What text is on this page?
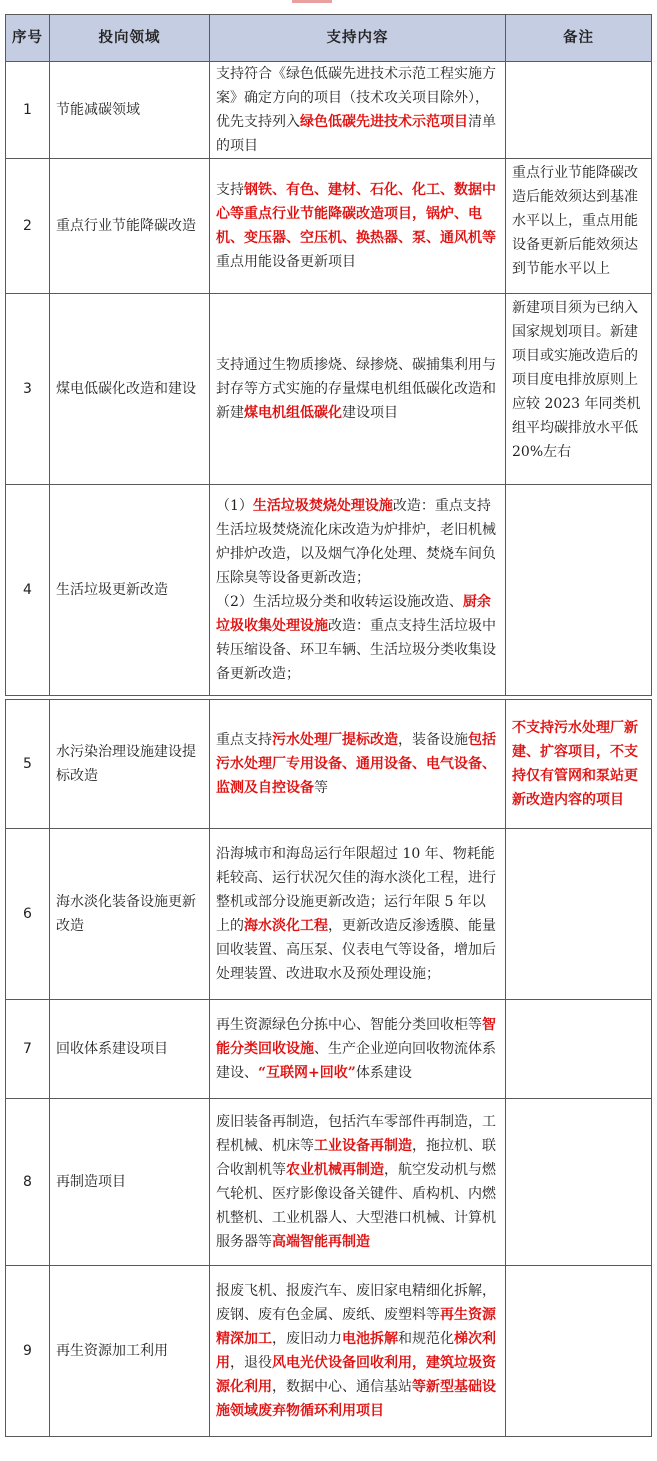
序号	投向领域	支持内容	备注
1	节能减碳领域	支持符合《绿色低碳先进技术示范工程实施方案》确定方向的项目（技术攻关项目除外），优先支持列入绿色低碳先进技术示范项目清单的项目	
2	重点行业节能降碳改造	支持钢铁、有色、建材、石化、化工、数据中心等重点行业节能降碳改造项目，锅炉、电机、变压器、空压机、换热器、泵、通风机等重点用能设备更新项目	重点行业节能降碳改造后能效须达到基准水平以上，重点用能设备更新后能效须达到节能水平以上
3	煤电低碳化改造和建设	支持通过生物质掺烧、绿掺烧、碳捕集利用与封存等方式实施的存量煤电机组低碳化改造和新建煤电机组低碳化建设项目	新建项目须为已纳入国家规划项目。新建项目或实施改造后的项目度电排放原则上应较 2023 年同类机组平均碳排放水平低 20%左右
4	生活垃圾更新改造	（1）生活垃圾焚烧处理设施改造：重点支持生活垃圾焚烧流化床改造为炉排炉，老旧机械炉排炉改造，以及烟气净化处理、焚烧车间负压除臭等设备更新改造；
（2）生活垃圾分类和收转运设施改造、厨余垃圾收集处理设施改造：重点支持生活垃圾中转压缩设备、环卫车辆、生活垃圾分类收集设备更新改造；	

5	水污染治理设施建设提标改造	重点支持污水处理厂提标改造，装备设施包括污水处理厂专用设备、通用设备、电气设备、监测及自控设备等	不支持污水处理厂新建、扩容项目，不支持仅有管网和泵站更新改造内容的项目
6	海水淡化装备设施更新改造	沿海城市和海岛运行年限超过 10 年、物耗能耗较高、运行状况欠佳的海水淡化工程，进行整机或部分设施更新改造；运行年限 5 年以上的海水淡化工程，更新改造反渗透膜、能量回收装置、高压泵、仪表电气等设备，增加后处理装置、改进取水及预处理设施；	
7	回收体系建设项目	再生资源绿色分拣中心、智能分类回收柜等智能分类回收设施、生产企业逆向回收物流体系建设、“互联网+回收”体系建设	
8	再制造项目	废旧装备再制造，包括汽车零部件再制造，工程机械、机床等工业设备再制造，拖拉机、联合收割机等农业机械再制造，航空发动机与燃气轮机、医疗影像设备关键件、盾构机、内燃机整机、工业机器人、大型港口机械、计算机服务器等高端智能再制造	
9	再生资源加工利用	报废飞机、报废汽车、废旧家电精细化拆解，废钢、废有色金属、废纸、废塑料等再生资源精深加工，废旧动力电池拆解和规范化梯次利用，退役风电光伏设备回收利用，建筑垃圾资源化利用，数据中心、通信基站等新型基础设施领域废弃物循环利用项目	
